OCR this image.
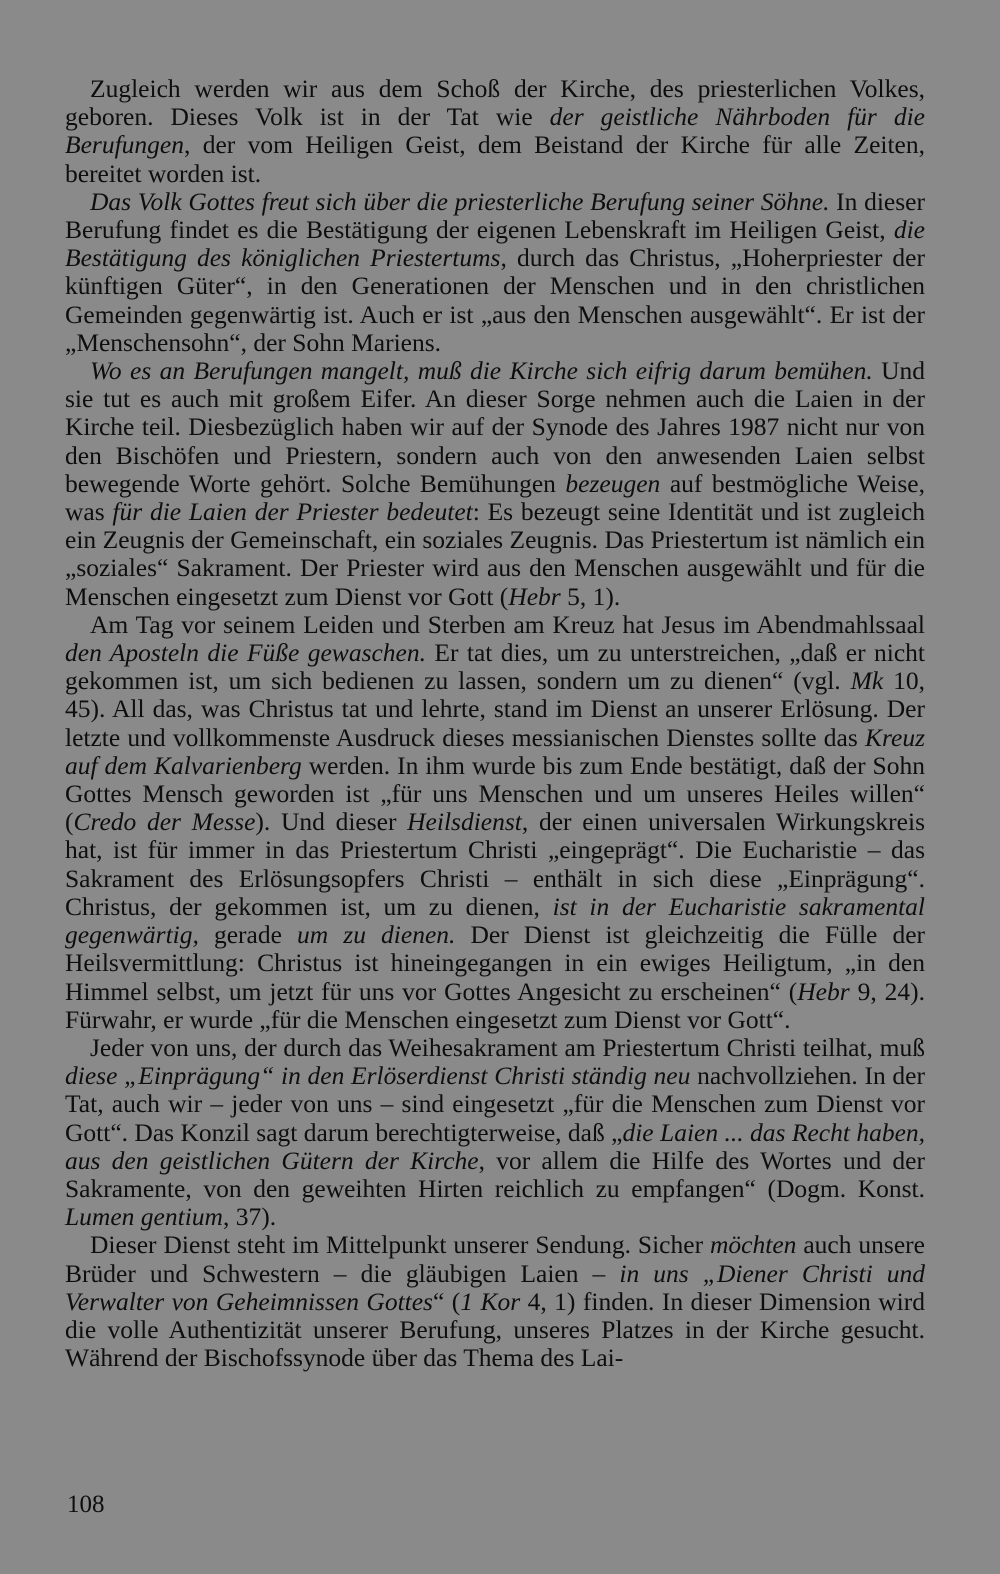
Zugleich werden wir aus dem Schoß der Kirche, des priesterlichen Volkes, geboren. Dieses Volk ist in der Tat wie der geistliche Nährboden für die Berufungen, der vom Heiligen Geist, dem Beistand der Kirche für alle Zeiten, bereitet worden ist.

Das Volk Gottes freut sich über die priesterliche Berufung seiner Söhne. In dieser Berufung findet es die Bestätigung der eigenen Lebenskraft im Heiligen Geist, die Bestätigung des königlichen Priestertums, durch das Christus, „Hoherpriester der künftigen Güter“, in den Generationen der Menschen und in den christlichen Gemeinden gegenwärtig ist. Auch er ist „aus den Menschen ausgewählt“. Er ist der „Menschensohn“, der Sohn Mariens.

Wo es an Berufungen mangelt, muß die Kirche sich eifrig darum bemühen. Und sie tut es auch mit großem Eifer. An dieser Sorge nehmen auch die Laien in der Kirche teil. Diesbezüglich haben wir auf der Synode des Jahres 1987 nicht nur von den Bischöfen und Priestern, sondern auch von den anwesenden Laien selbst bewegende Worte gehört. Solche Bemühungen bezeugen auf bestmögliche Weise, was für die Laien der Priester bedeutet: Es bezeugt seine Identität und ist zugleich ein Zeugnis der Gemeinschaft, ein soziales Zeugnis. Das Priestertum ist nämlich ein „soziales“ Sakrament. Der Priester wird aus den Menschen ausgewählt und für die Menschen eingesetzt zum Dienst vor Gott (Hebr 5, 1).

Am Tag vor seinem Leiden und Sterben am Kreuz hat Jesus im Abendmahlssaal den Aposteln die Füße gewaschen. Er tat dies, um zu unterstreichen, „daß er nicht gekommen ist, um sich bedienen zu lassen, sondern um zu dienen“ (vgl. Mk 10, 45). All das, was Christus tat und lehrte, stand im Dienst an unserer Erlösung. Der letzte und vollkommenste Ausdruck dieses messianischen Dienstes sollte das Kreuz auf dem Kalvarienberg werden. In ihm wurde bis zum Ende bestätigt, daß der Sohn Gottes Mensch geworden ist „für uns Menschen und um unseres Heiles willen“ (Credo der Messe). Und dieser Heilsdienst, der einen universalen Wirkungskreis hat, ist für immer in das Priestertum Christi „eingeprägt“. Die Eucharistie – das Sakrament des Erlösungsopfers Christi – enthält in sich diese „Einprägung“. Christus, der gekommen ist, um zu dienen, ist in der Eucharistie sakramental gegenwärtig, gerade um zu dienen. Der Dienst ist gleichzeitig die Fülle der Heilsvermittlung: Christus ist hineingegangen in ein ewiges Heiligtum, „in den Himmel selbst, um jetzt für uns vor Gottes Angesicht zu erscheinen“ (Hebr 9, 24). Fürwahr, er wurde „für die Menschen eingesetzt zum Dienst vor Gott“.

Jeder von uns, der durch das Weihesakrament am Priestertum Christi teilhat, muß diese „Einprägung“ in den Erlöserdienst Christi ständig neu nachvollziehen. In der Tat, auch wir – jeder von uns – sind eingesetzt „für die Menschen zum Dienst vor Gott“. Das Konzil sagt darum berechtigterweise, daß „die Laien ... das Recht haben, aus den geistlichen Gütern der Kirche, vor allem die Hilfe des Wortes und der Sakramente, von den geweihten Hirten reichlich zu empfangen“ (Dogm. Konst. Lumen gentium, 37).

Dieser Dienst steht im Mittelpunkt unserer Sendung. Sicher möchten auch unsere Brüder und Schwestern – die gläubigen Laien – in uns „Diener Christi und Verwalter von Geheimnissen Gottes“ (1 Kor 4, 1) finden. In dieser Dimension wird die volle Authentizität unserer Berufung, unseres Platzes in der Kirche gesucht. Während der Bischofssynode über das Thema des Lai-

108
